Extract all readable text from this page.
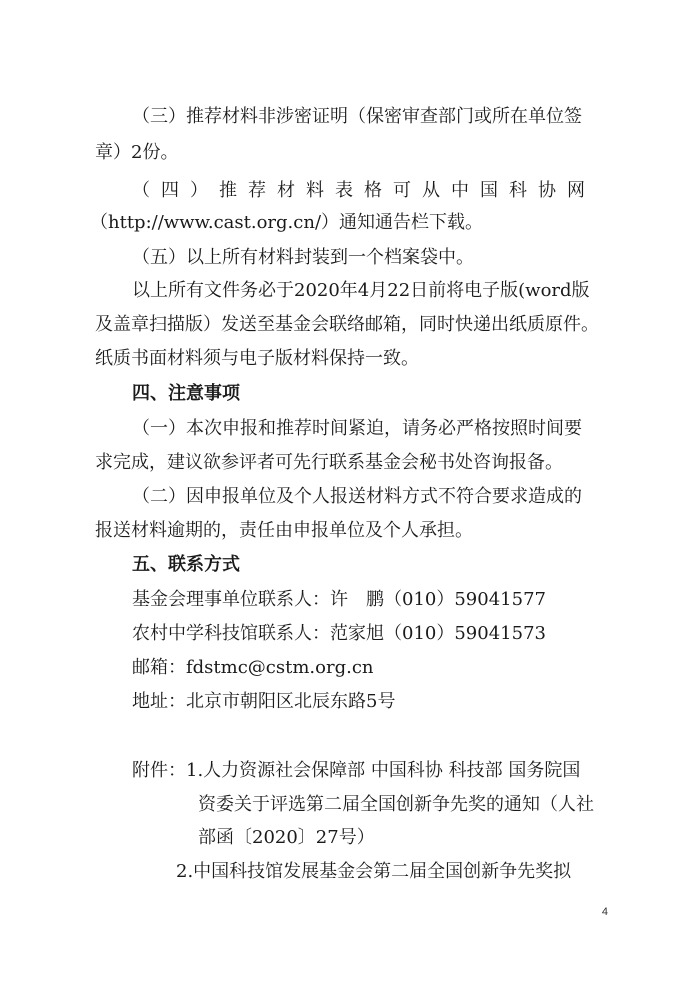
（三）推荐材料非涉密证明（保密审查部门或所在单位签
章）2份。
（四）推荐材料表格可从中国科协网
（http://www.cast.org.cn/）通知通告栏下载。
（五）以上所有材料封装到一个档案袋中。
以上所有文件务必于2020年4月22日前将电子版(word版
及盖章扫描版）发送至基金会联络邮箱，同时快递出纸质原件。
纸质书面材料须与电子版材料保持一致。
四、注意事项
（一）本次申报和推荐时间紧迫，请务必严格按照时间要
求完成，建议欲参评者可先行联系基金会秘书处咨询报备。
（二）因申报单位及个人报送材料方式不符合要求造成的
报送材料逾期的，责任由申报单位及个人承担。
五、联系方式
基金会理事单位联系人：许　鹏（010）59041577
农村中学科技馆联系人：范家旭（010）59041573
邮箱：fdstmc@cstm.org.cn
地址：北京市朝阳区北辰东路5号
附件：1.人力资源社会保障部 中国科协 科技部 国务院国
资委关于评选第二届全国创新争先奖的通知（人社
部函〔2020〕27号）
2.中国科技馆发展基金会第二届全国创新争先奖拟
4
